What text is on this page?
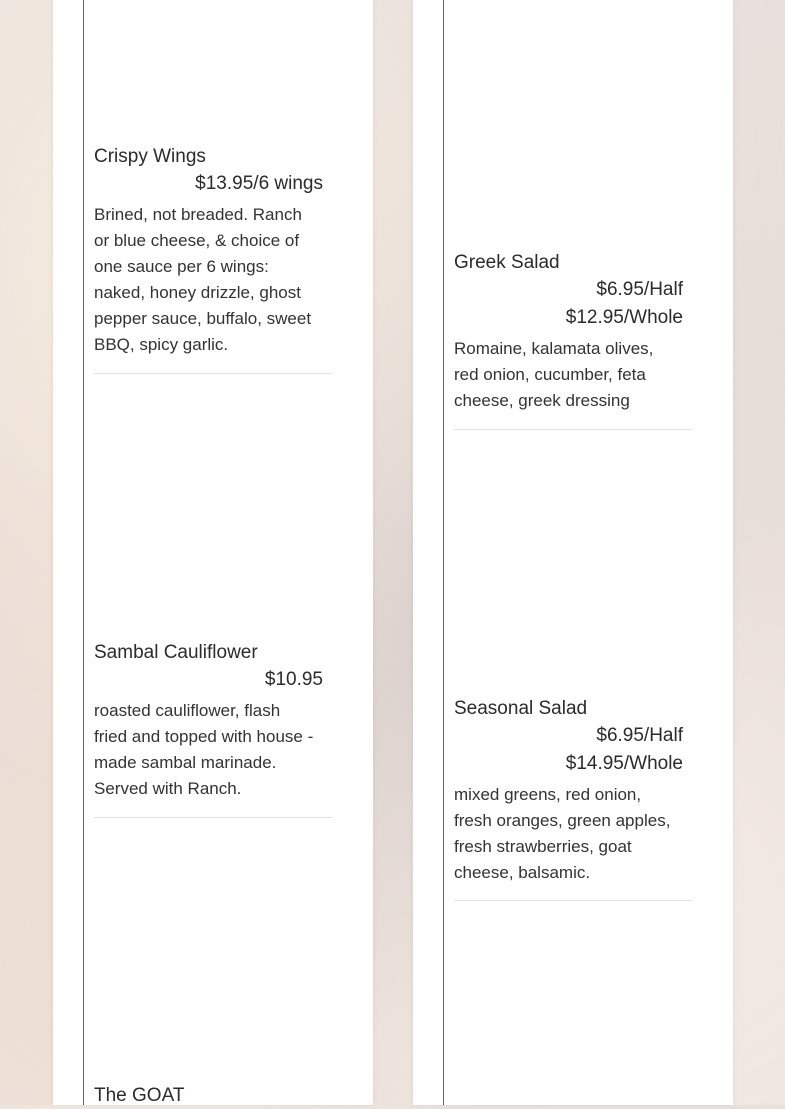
Crispy Wings
$13.95/6 wings
Brined, not breaded. Ranch or blue cheese, & choice of one sauce per 6 wings: naked, honey drizzle, ghost pepper sauce, buffalo, sweet BBQ, spicy garlic.
Sambal Cauliflower
$10.95
roasted cauliflower, flash fried and topped with house - made sambal marinade. Served with Ranch.
The GOAT
Greek Salad
$6.95/Half
$12.95/Whole
Romaine, kalamata olives, red onion, cucumber, feta cheese, greek dressing
Seasonal Salad
$6.95/Half
$14.95/Whole
mixed greens, red onion, fresh oranges, green apples, fresh strawberries, goat cheese, balsamic.
